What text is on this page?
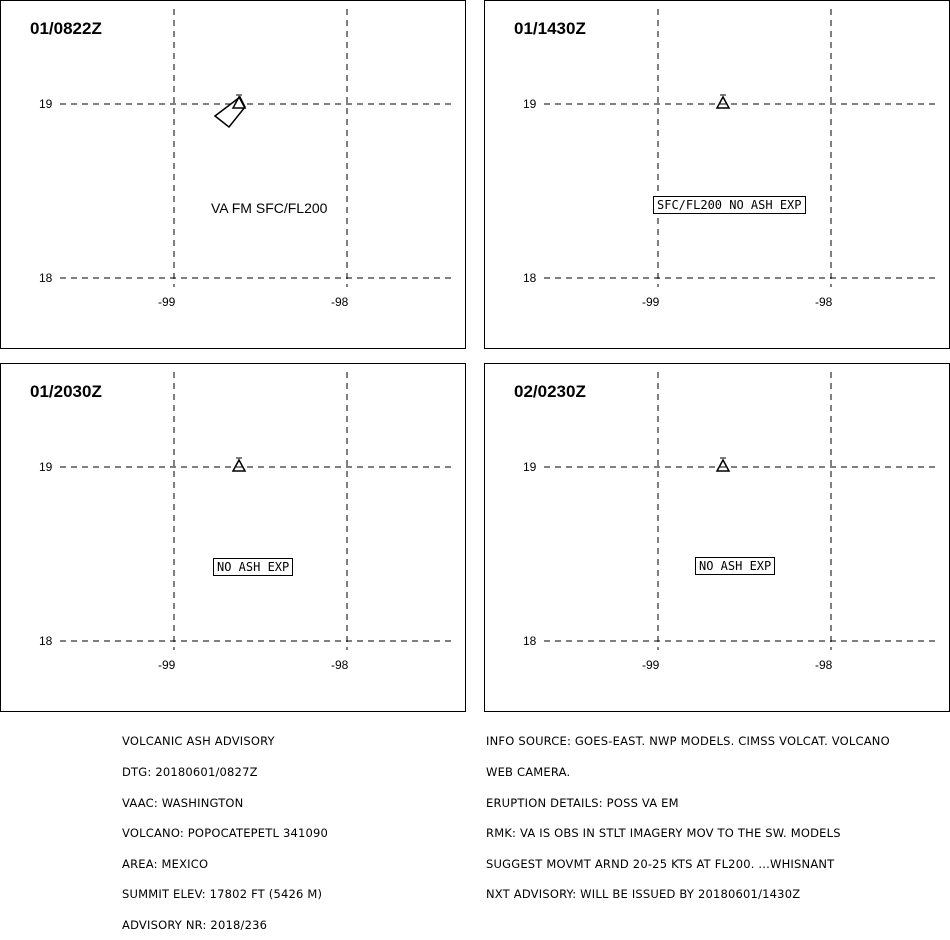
01/0822Z
19
18
-99	-98
VA FM SFC/FL200
01/1430Z
19
18
-99	-98
SFC/FL200 NO ASH EXP
01/2030Z
19
18
-99	-98
NO ASH EXP
02/0230Z
19
18
-99	-98
NO ASH EXP

VOLCANIC ASH ADVISORY

DTG: 20180601/0827Z

VAAC: WASHINGTON

VOLCANO: POPOCATEPETL 341090

AREA: MEXICO

SUMMIT ELEV: 17802 FT (5426 M)

ADVISORY NR: 2018/236

INFO SOURCE: GOES-EAST. NWP MODELS. CIMSS VOLCAT. VOLCANO

WEB CAMERA.

ERUPTION DETAILS: POSS VA EM

RMK: VA IS OBS IN STLT IMAGERY MOV TO THE SW. MODELS

SUGGEST MOVMT ARND 20-25 KTS AT FL200. ...WHISNANT

NXT ADVISORY: WILL BE ISSUED BY 20180601/1430Z
